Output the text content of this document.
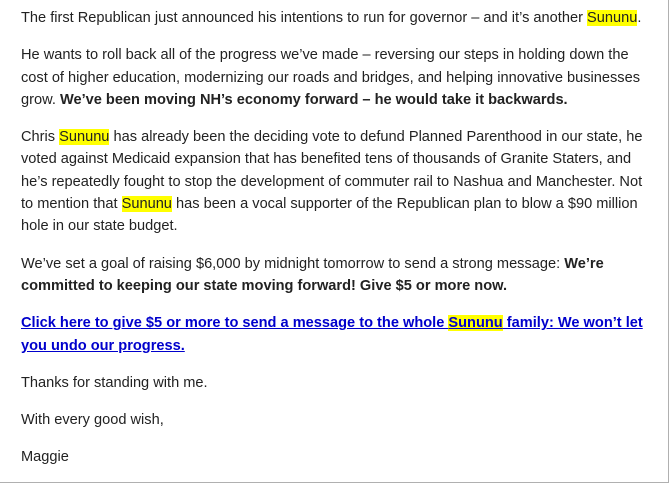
The first Republican just announced his intentions to run for governor – and it’s another Sununu.

He wants to roll back all of the progress we’ve made – reversing our steps in holding down the cost of higher education, modernizing our roads and bridges, and helping innovative businesses grow. We’ve been moving NH’s economy forward – he would take it backwards.

Chris Sununu has already been the deciding vote to defund Planned Parenthood in our state, he voted against Medicaid expansion that has benefited tens of thousands of Granite Staters, and he’s repeatedly fought to stop the development of commuter rail to Nashua and Manchester. Not to mention that Sununu has been a vocal supporter of the Republican plan to blow a $90 million hole in our state budget.

We’ve set a goal of raising $6,000 by midnight tomorrow to send a strong message: We’re committed to keeping our state moving forward! Give $5 or more now.

Click here to give $5 or more to send a message to the whole Sununu family: We won’t let you undo our progress.

Thanks for standing with me.

With every good wish,

Maggie
